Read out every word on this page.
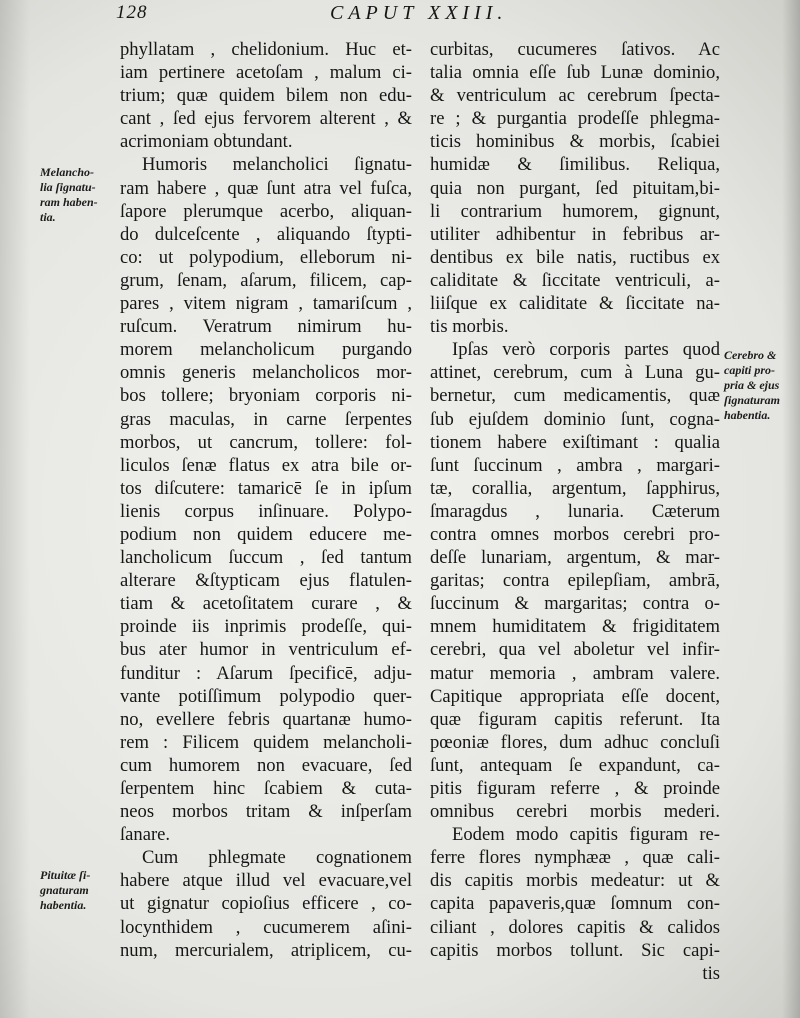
128	CAPUT XXIII.
phyllatam , chelidonium. Huc et-
iam pertinere acetoſam , malum ci-
trium; quæ quidem bilem non edu-
cant , ſed ejus fervorem alterent , &
acrimoniam obtundant.
Humoris melancholici ſignatu-
ram habere , quæ ſunt atra vel fuſca,
ſapore plerumque acerbo, aliquan-
do dulceſcente , aliquando ſtypti-
co: ut polypodium, elleborum ni-
grum, ſenam, aſarum, filicem, cap-
pares , vitem nigram , tamariſcum ,
ruſcum. Veratrum nimirum hu-
morem melancholicum purgando
omnis generis melancholicos mor-
bos tollere; bryoniam corporis ni-
gras maculas, in carne ſerpentes
morbos, ut cancrum, tollere: fol-
liculos ſenæ flatus ex atra bile or-
tos diſcutere: tamaricē ſe in ipſum
lienis corpus inſinuare. Polypo-
podium non quidem educere me-
lancholicum ſuccum , ſed tantum
alterare &ſtypticam ejus flatulen-
tiam & acetoſitatem curare , &
proinde iis inprimis prodeſſe, qui-
bus ater humor in ventriculum ef-
funditur : Aſarum ſpecificē, adju-
vante potiſſimum polypodio quer-
no, evellere febris quartanæ humo-
rem : Filicem quidem melancholi-
cum humorem non evacuare, ſed
ſerpentem hinc ſcabiem & cuta-
neos morbos tritam & inſperſam
ſanare.
Cum phlegmate cognationem
habere atque illud vel evacuare,vel
ut gignatur copioſius efficere , co-
locynthidem , cucumerem aſini-
num, mercurialem, atriplicem, cu-
curbitas, cucumeres ſativos. Ac
talia omnia eſſe ſub Lunæ dominio,
& ventriculum ac cerebrum ſpecta-
re ; & purgantia prodeſſe phlegma-
ticis hominibus & morbis, ſcabiei
humidæ & ſimilibus. Reliqua,
quia non purgant, ſed pituitam,bi-
li contrarium humorem, gignunt,
utiliter adhibentur in febribus ar-
dentibus ex bile natis, ructibus ex
caliditate & ſiccitate ventriculi, a-
liiſque ex caliditate & ſiccitate na-
tis morbis.
Ipſas verò corporis partes quod
attinet, cerebrum, cum à Luna gu-
bernetur, cum medicamentis, quæ
ſub ejuſdem dominio ſunt, cogna-
tionem habere exiſtimant : qualia
ſunt ſuccinum , ambra , margari-
tæ, corallia, argentum, ſapphirus,
ſmaragdus , lunaria. Cæterum
contra omnes morbos cerebri pro-
deſſe lunariam, argentum, & mar-
garitas; contra epilepſiam, ambrā,
ſuccinum & margaritas; contra o-
mnem humiditatem & frigiditatem
cerebri, qua vel aboletur vel infir-
matur memoria , ambram valere.
Capitique appropriata eſſe docent,
quæ figuram capitis referunt. Ita
pœoniæ flores, dum adhuc concluſi
ſunt, antequam ſe expandunt, ca-
pitis figuram referre , & proinde
omnibus cerebri morbis mederi.
Eodem modo capitis figuram re-
ferre flores nymphææ , quæ cali-
dis capitis morbis medeatur: ut &
capita papaveris,quæ ſomnum con-
ciliant , dolores capitis & calidos
capitis morbos tollunt. Sic capi-
tis
Melancho-
lia ſignatu-
ram haben-
tia.
Pituitæ ſi-
gnaturam
habentia.
Cerebro &
capiti pro-
pria & ejus
ſignaturam
habentia.
